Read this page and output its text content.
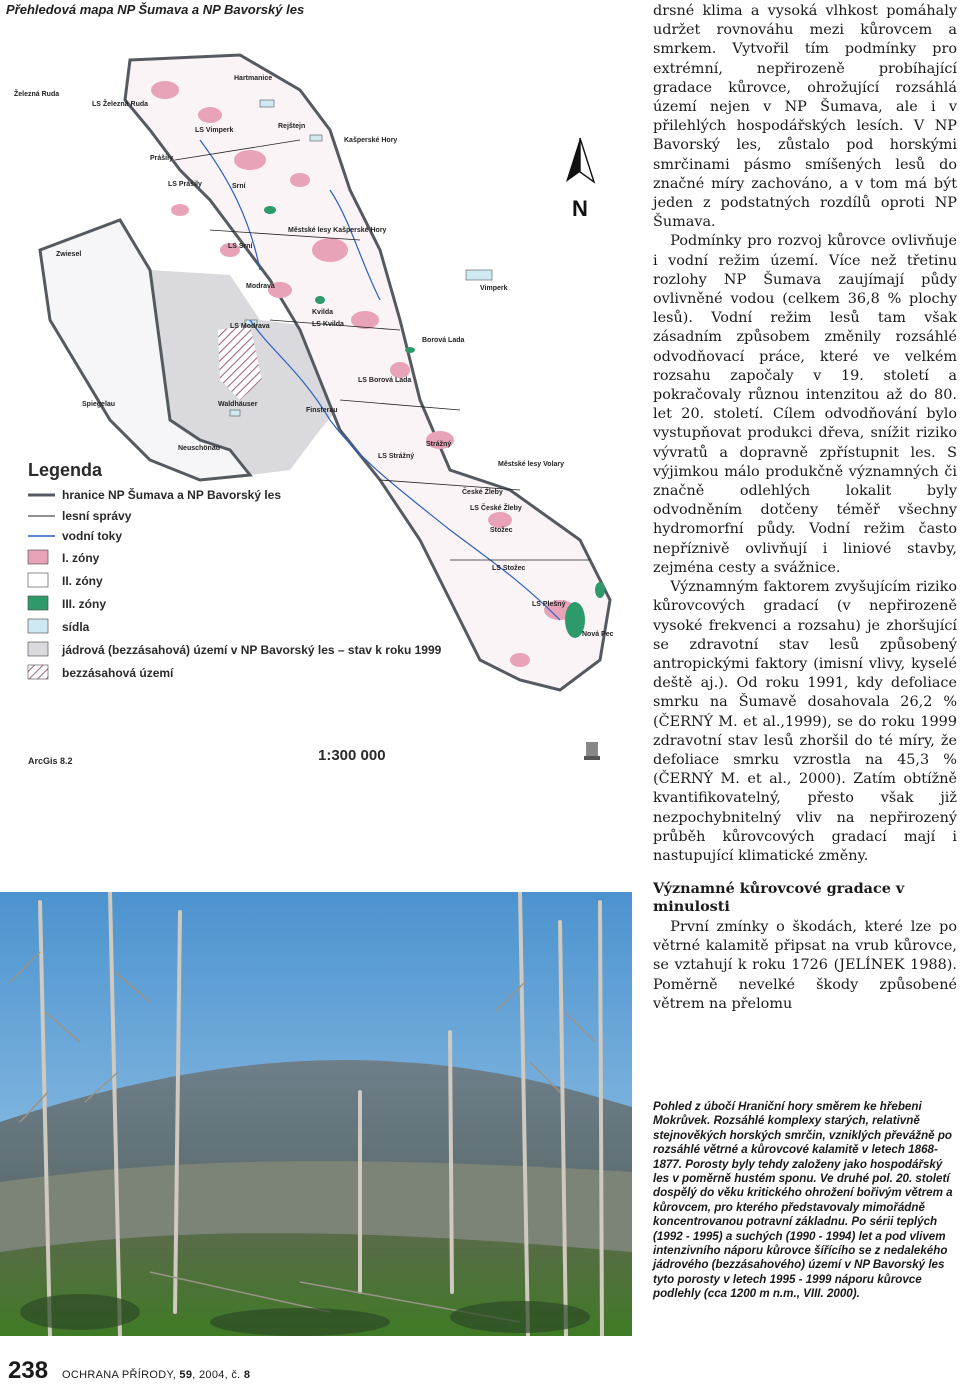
Přehledová mapa NP Šumava a NP Bavorský les
Železná Ruda
LS Železná Ruda
Hartmanice
LS Vimperk
Rejštejn
Kašperské Hory
Prášily
LS Prášily	Srní
Městské lesy Kašperské Hory
Zwiesel
LS Srní
Modrava
Kvilda
LS Modrava	LS Kvilda
Vimperk
Borová Lada
LS Borová Lada
Spiegelau	Waldhäuser
Finsterau
Neuschönau
Strážný
LS Strážný
Městské lesy Volary
České Žleby
LS České Žleby
Stožec
LS Stožec
LS Plešný
Nová Pec
N
Legenda
hranice NP Šumava a NP Bavorský les
lesní správy
vodní toky
I. zóny
II. zóny
III. zóny
sídla
jádrová (bezzásahová) území v NP Bavorský les – stav k roku 1999
bezzásahová území
ArcGis 8.2	1:300 000

drsné klima a vysoká vlhkost pomáhaly udržet rovnováhu mezi kůrovcem a smrkem. Vytvořil tím podmínky pro extrémní, nepřirozeně probíhající gradace kůrovce, ohrožující rozsáhlá území nejen v NP Šumava, ale i v přilehlých hospodářských lesích. V NP Bavorský les, zůstalo pod horskými smrčinami pásmo smíšených lesů do značné míry zachováno, a v tom má být jeden z podstatných rozdílů oproti NP Šumava.

Podmínky pro rozvoj kůrovce ovlivňuje i vodní režim území. Více než třetinu rozlohy NP Šumava zaujímají půdy ovlivněné vodou (celkem 36,8 % plochy lesů). Vodní režim lesů tam však zásadním způsobem změnily rozsáhlé odvodňovací práce, které ve velkém rozsahu započaly v 19. století a pokračovaly různou intenzitou až do 80. let 20. století. Cílem odvodňování bylo vystupňovat produkci dřeva, snížit riziko vývratů a dopravně zpřístupnit les. S výjimkou málo produkčně významných či značně odlehlých lokalit byly odvodněním dotčeny téměř všechny hydromorfní půdy. Vodní režim často nepříznivě ovlivňují i liniové stavby, zejména cesty a svážnice.

Významným faktorem zvyšujícím riziko kůrovcových gradací (v nepřirozeně vysoké frekvenci a rozsahu) je zhoršující se zdravotní stav lesů způsobený antropickými faktory (imisní vlivy, kyselé deště aj.). Od roku 1991, kdy defoliace smrku na Šumavě dosahovala 26,2 % (ČERNÝ M. et al.,1999), se do roku 1999 zdravotní stav lesů zhoršil do té míry, že defoliace smrku vzrostla na 45,3 % (ČERNÝ M. et al., 2000). Zatím obtížně kvantifikovatelný, přesto však již nezpochybnitelný vliv na nepřirozený průběh kůrovcových gradací mají i nastupující klimatické změny.

Významné kůrovcové gradace v minulosti

První zmínky o škodách, které lze po větrné kalamitě připsat na vrub kůrovce, se vztahují k roku 1726 (JELÍNEK 1988). Poměrně nevelké škody způsobené větrem na přelomu

Pohled z úbočí Hraniční hory směrem ke hřebeni Mokrůvek. Rozsáhlé komplexy starých, relativně stejnověkých horských smrčin, vzniklých převážně po rozsáhlé větrné a kůrovcové kalamitě v letech 1868-1877. Porosty byly tehdy založeny jako hospodářský les v poměrně hustém sponu. Ve druhé pol. 20. století dospělý do věku kritického ohrožení bořivým větrem a kůrovcem, pro kterého představovaly mimořádně koncentrovanou potravní základnu. Po sérii teplých (1992 - 1995) a suchých (1990 - 1994) let a pod vlivem intenzivního náporu kůrovce šířícího se z nedalekého jádrového (bezzásahového) území v NP Bavorský les tyto porosty v letech 1995 - 1999 náporu kůrovce podlehly (cca 1200 m n.m., VIII. 2000).
238 OCHRANA PŘÍRODY, 59, 2004, č. 8
